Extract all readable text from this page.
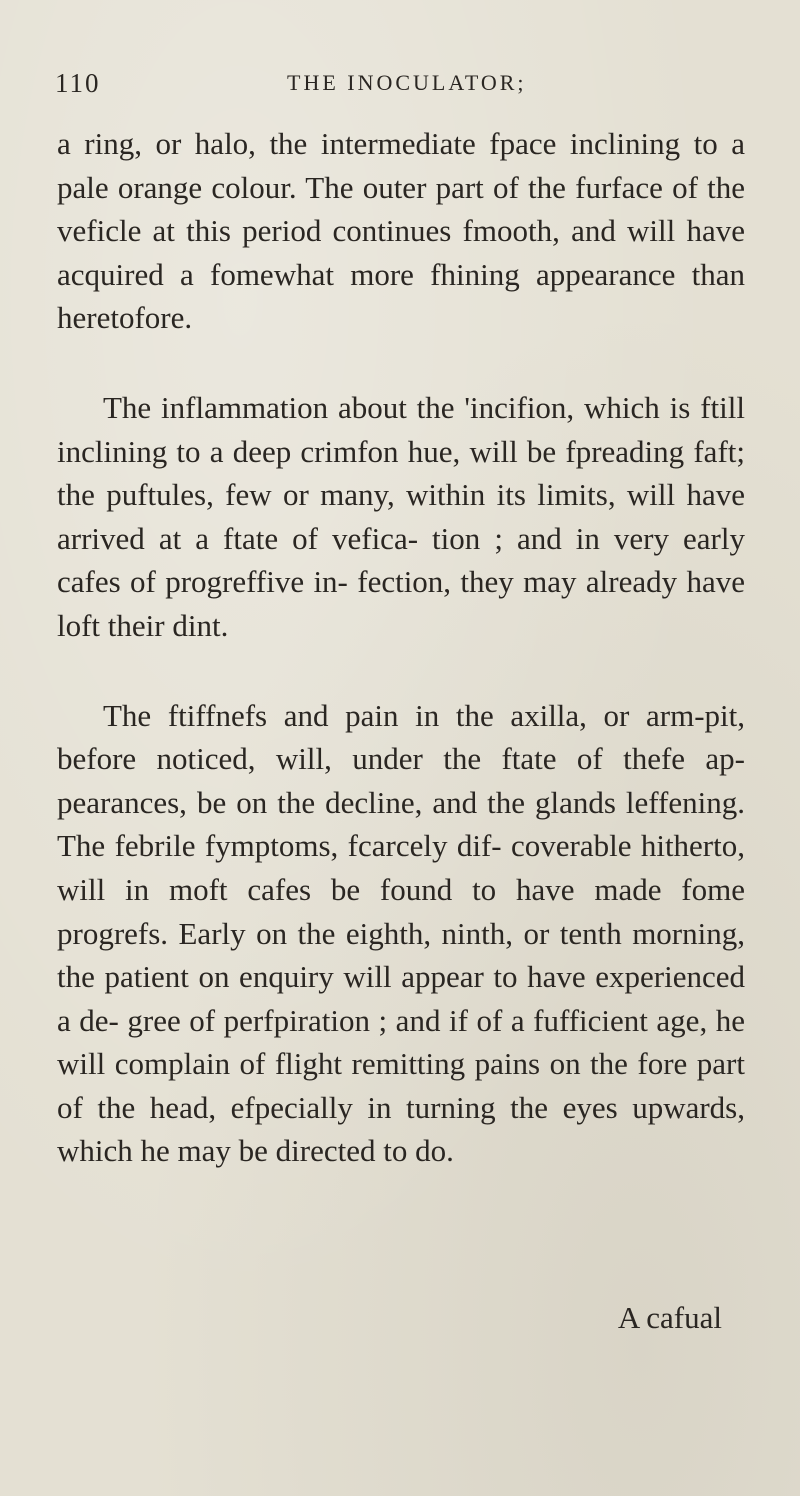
110	THE INOCULATOR;

a ring, or halo, the intermediate fpace inclining to a pale orange colour. The outer part of the furface of the veficle at this period continues fmooth, and will have acquired a fomewhat more fhining appearance than heretofore.

The inflammation about the 'incifion, which is ftill inclining to a deep crimfon hue, will be fpreading faft; the puftules, few or many, within its limits, will have arrived at a ftate of vefica- tion ; and in very early cafes of progreffive in- fection, they may already have loft their dint.

The ftiffnefs and pain in the axilla, or arm-pit, before noticed, will, under the ftate of thefe ap- pearances, be on the decline, and the glands leffening. The febrile fymptoms, fcarcely dif- coverable hitherto, will in moft cafes be found to have made fome progrefs. Early on the eighth, ninth, or tenth morning, the patient on enquiry will appear to have experienced a de- gree of perfpiration ; and if of a fufficient age, he will complain of flight remitting pains on the fore part of the head, efpecially in turning the eyes upwards, which he may be directed to do.

A cafual
